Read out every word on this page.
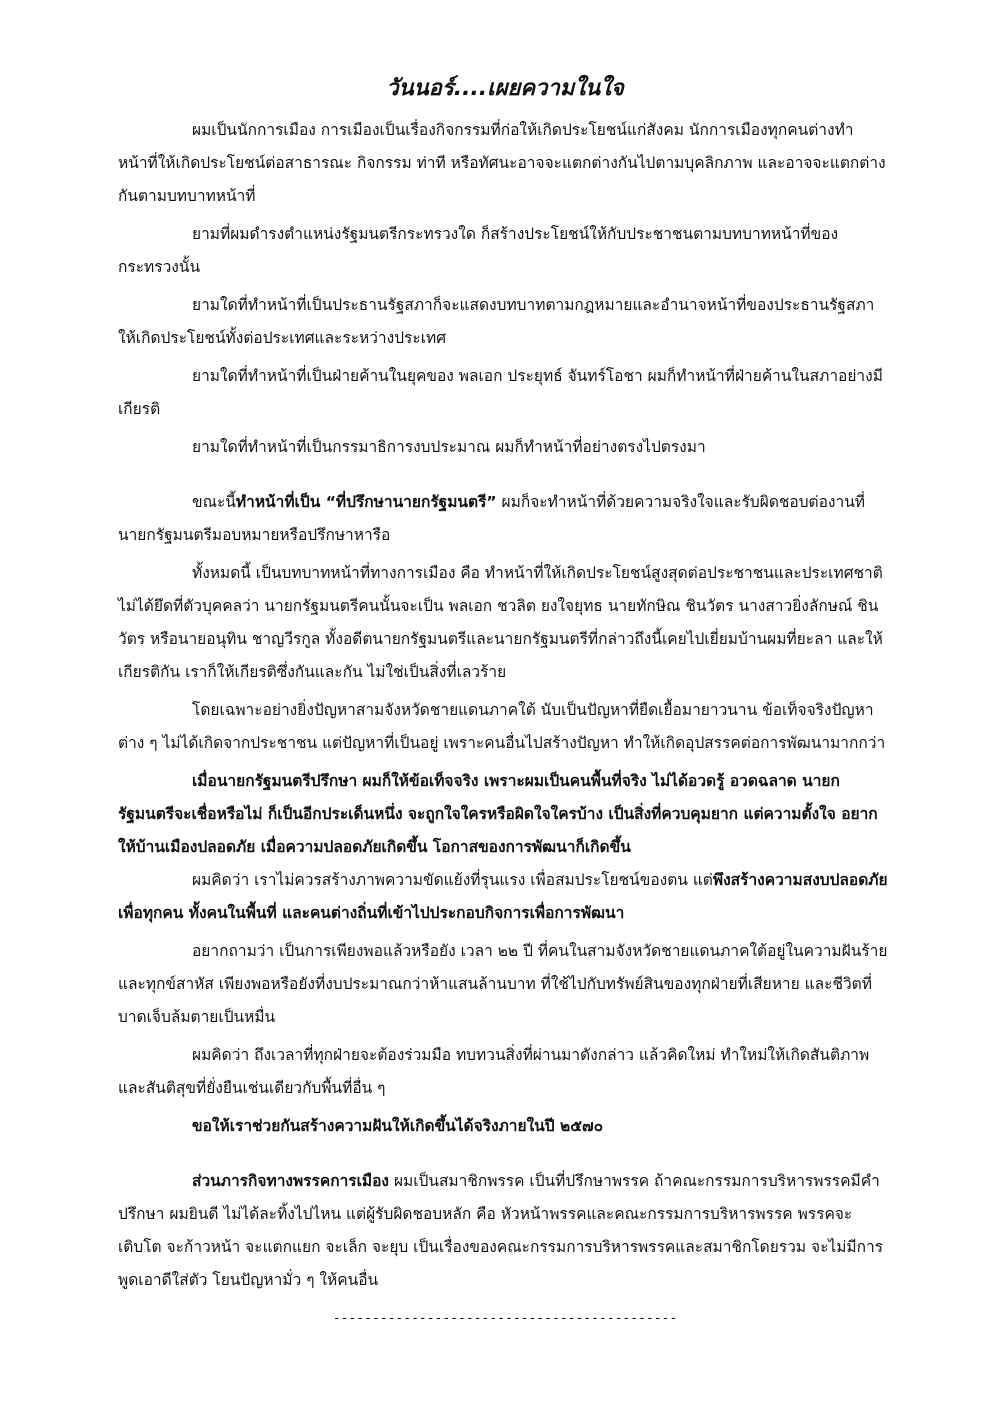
วันนอร์....เผยความในใจ

ผมเป็นนักการเมือง การเมืองเป็นเรื่องกิจกรรมที่ก่อให้เกิดประโยชน์แก่สังคม นักการเมืองทุกคนต่างทำหน้าที่ให้เกิดประโยชน์ต่อสาธารณะ กิจกรรม ท่าที หรือทัศนะอาจจะแตกต่างกันไปตามบุคลิกภาพ และอาจจะแตกต่างกันตามบทบาทหน้าที่

ยามที่ผมดำรงตำแหน่งรัฐมนตรีกระทรวงใด ก็สร้างประโยชน์ให้กับประชาชนตามบทบาทหน้าที่ของกระทรวงนั้น

ยามใดที่ทำหน้าที่เป็นประธานรัฐสภาก็จะแสดงบทบาทตามกฎหมายและอำนาจหน้าที่ของประธานรัฐสภาให้เกิดประโยชน์ทั้งต่อประเทศและระหว่างประเทศ

ยามใดที่ทำหน้าที่เป็นฝ่ายค้านในยุคของ พลเอก ประยุทธ์ จันทร์โอชา ผมก็ทำหน้าที่ฝ่ายค้านในสภาอย่างมีเกียรติ

ยามใดที่ทำหน้าที่เป็นกรรมาธิการงบประมาณ ผมก็ทำหน้าที่อย่างตรงไปตรงมา

ขณะนี้ทำหน้าที่เป็น “ที่ปรึกษานายกรัฐมนตรี” ผมก็จะทำหน้าที่ด้วยความจริงใจและรับผิดชอบต่องานที่นายกรัฐมนตรีมอบหมายหรือปรึกษาหารือ

ทั้งหมดนี้ เป็นบทบาทหน้าที่ทางการเมือง คือ ทำหน้าที่ให้เกิดประโยชน์สูงสุดต่อประชาชนและประเทศชาติ ไม่ได้ยึดที่ตัวบุคคลว่า นายกรัฐมนตรีคนนั้นจะเป็น พลเอก ชวลิต ยงใจยุทธ นายทักษิณ ชินวัตร นางสาวยิ่งลักษณ์ ชินวัตร หรือนายอนุทิน ชาญวีรกูล ทั้งอดีตนายกรัฐมนตรีและนายกรัฐมนตรีที่กล่าวถึงนี้เคยไปเยี่ยมบ้านผมที่ยะลา และให้เกียรติกัน เราก็ให้เกียรติซึ่งกันและกัน ไม่ใช่เป็นสิ่งที่เลวร้าย

โดยเฉพาะอย่างยิ่งปัญหาสามจังหวัดชายแดนภาคใต้ นับเป็นปัญหาที่ยืดเยื้อมายาวนาน ข้อเท็จจริงปัญหาต่าง ๆ ไม่ได้เกิดจากประชาชน แต่ปัญหาที่เป็นอยู่ เพราะคนอื่นไปสร้างปัญหา ทำให้เกิดอุปสรรคต่อการพัฒนามากกว่า

เมื่อนายกรัฐมนตรีปรึกษา ผมก็ให้ข้อเท็จจริง เพราะผมเป็นคนพื้นที่จริง ไม่ได้อวดรู้ อวดฉลาด นายกรัฐมนตรีจะเชื่อหรือไม่ ก็เป็นอีกประเด็นหนึ่ง จะถูกใจใครหรือผิดใจใครบ้าง เป็นสิ่งที่ควบคุมยาก แต่ความตั้งใจ อยากให้บ้านเมืองปลอดภัย เมื่อความปลอดภัยเกิดขึ้น โอกาสของการพัฒนาก็เกิดขึ้น

ผมคิดว่า เราไม่ควรสร้างภาพความขัดแย้งที่รุนแรง เพื่อสมประโยชน์ของตน แต่พึงสร้างความสงบปลอดภัยเพื่อทุกคน ทั้งคนในพื้นที่ และคนต่างถิ่นที่เข้าไปประกอบกิจการเพื่อการพัฒนา

อยากถามว่า เป็นการเพียงพอแล้วหรือยัง เวลา ๒๒ ปี ที่คนในสามจังหวัดชายแดนภาคใต้อยู่ในความฝันร้ายและทุกข์สาหัส เพียงพอหรือยังที่งบประมาณกว่าห้าแสนล้านบาท ที่ใช้ไปกับทรัพย์สินของทุกฝ่ายที่เสียหาย และชีวิตที่บาดเจ็บล้มตายเป็นหมื่น

ผมคิดว่า ถึงเวลาที่ทุกฝ่ายจะต้องร่วมมือ ทบทวนสิ่งที่ผ่านมาดังกล่าว แล้วคิดใหม่ ทำใหม่ให้เกิดสันติภาพและสันติสุขที่ยั่งยืนเช่นเดียวกับพื้นที่อื่น ๆ

ขอให้เราช่วยกันสร้างความฝันให้เกิดขึ้นได้จริงภายในปี ๒๕๗๐

ส่วนภารกิจทางพรรคการเมือง ผมเป็นสมาชิกพรรค เป็นที่ปรึกษาพรรค ถ้าคณะกรรมการบริหารพรรคมีคำปรึกษา ผมยินดี ไม่ได้ละทิ้งไปไหน แต่ผู้รับผิดชอบหลัก คือ หัวหน้าพรรคและคณะกรรมการบริหารพรรค พรรคจะเติบโต จะก้าวหน้า จะแตกแยก จะเล็ก จะยุบ เป็นเรื่องของคณะกรรมการบริหารพรรคและสมาชิกโดยรวม จะไม่มีการพูดเอาดีใส่ตัว โยนปัญหามั่ว ๆ ให้คนอื่น

--------------------------------------------
